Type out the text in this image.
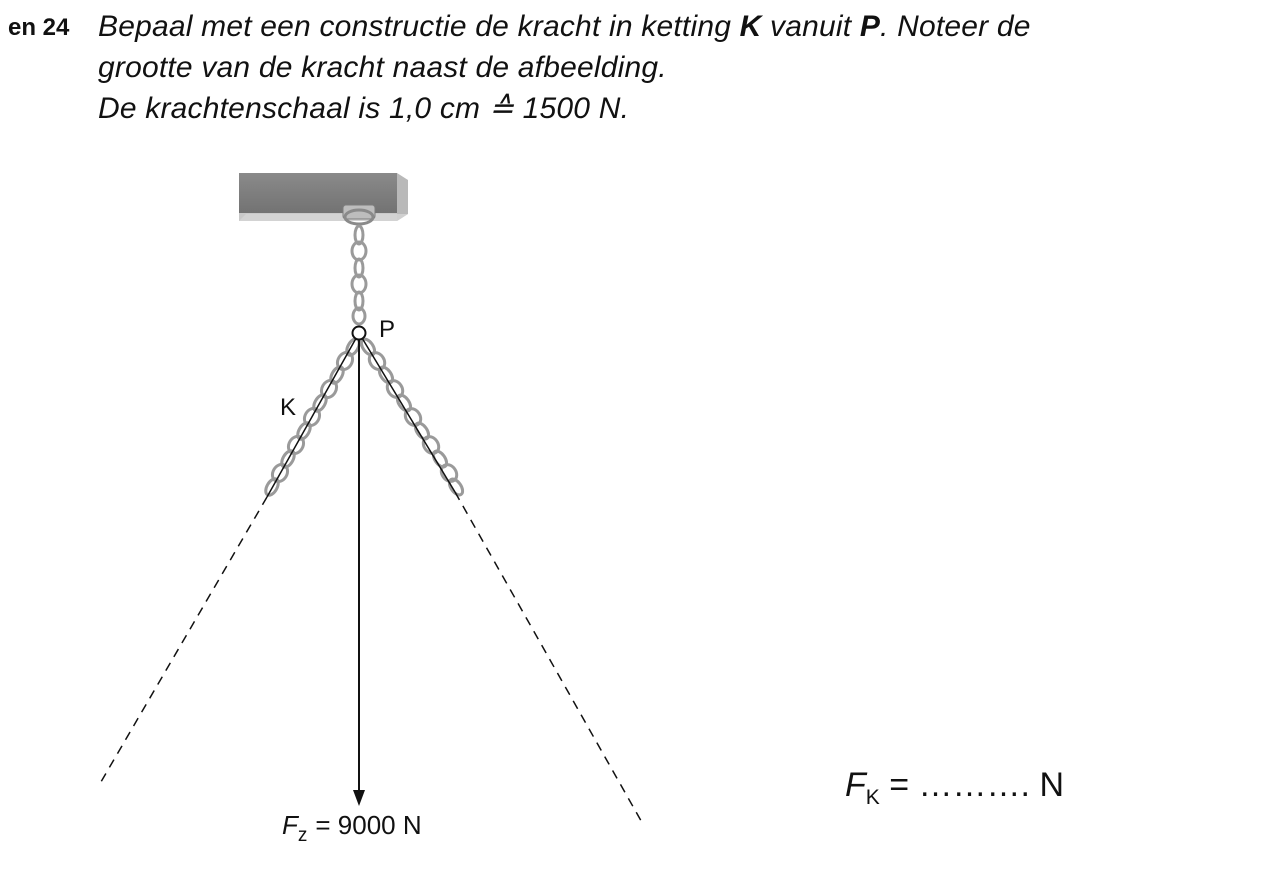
en 24 Bepaal met een constructie de kracht in ketting K vanuit P. Noteer de
grootte van de kracht naast de afbeelding.
De krachtenschaal is 1,0 cm ≙ 1500 N.
P
K
$F_z = 9000$ N
$F_K$ = ………. N
